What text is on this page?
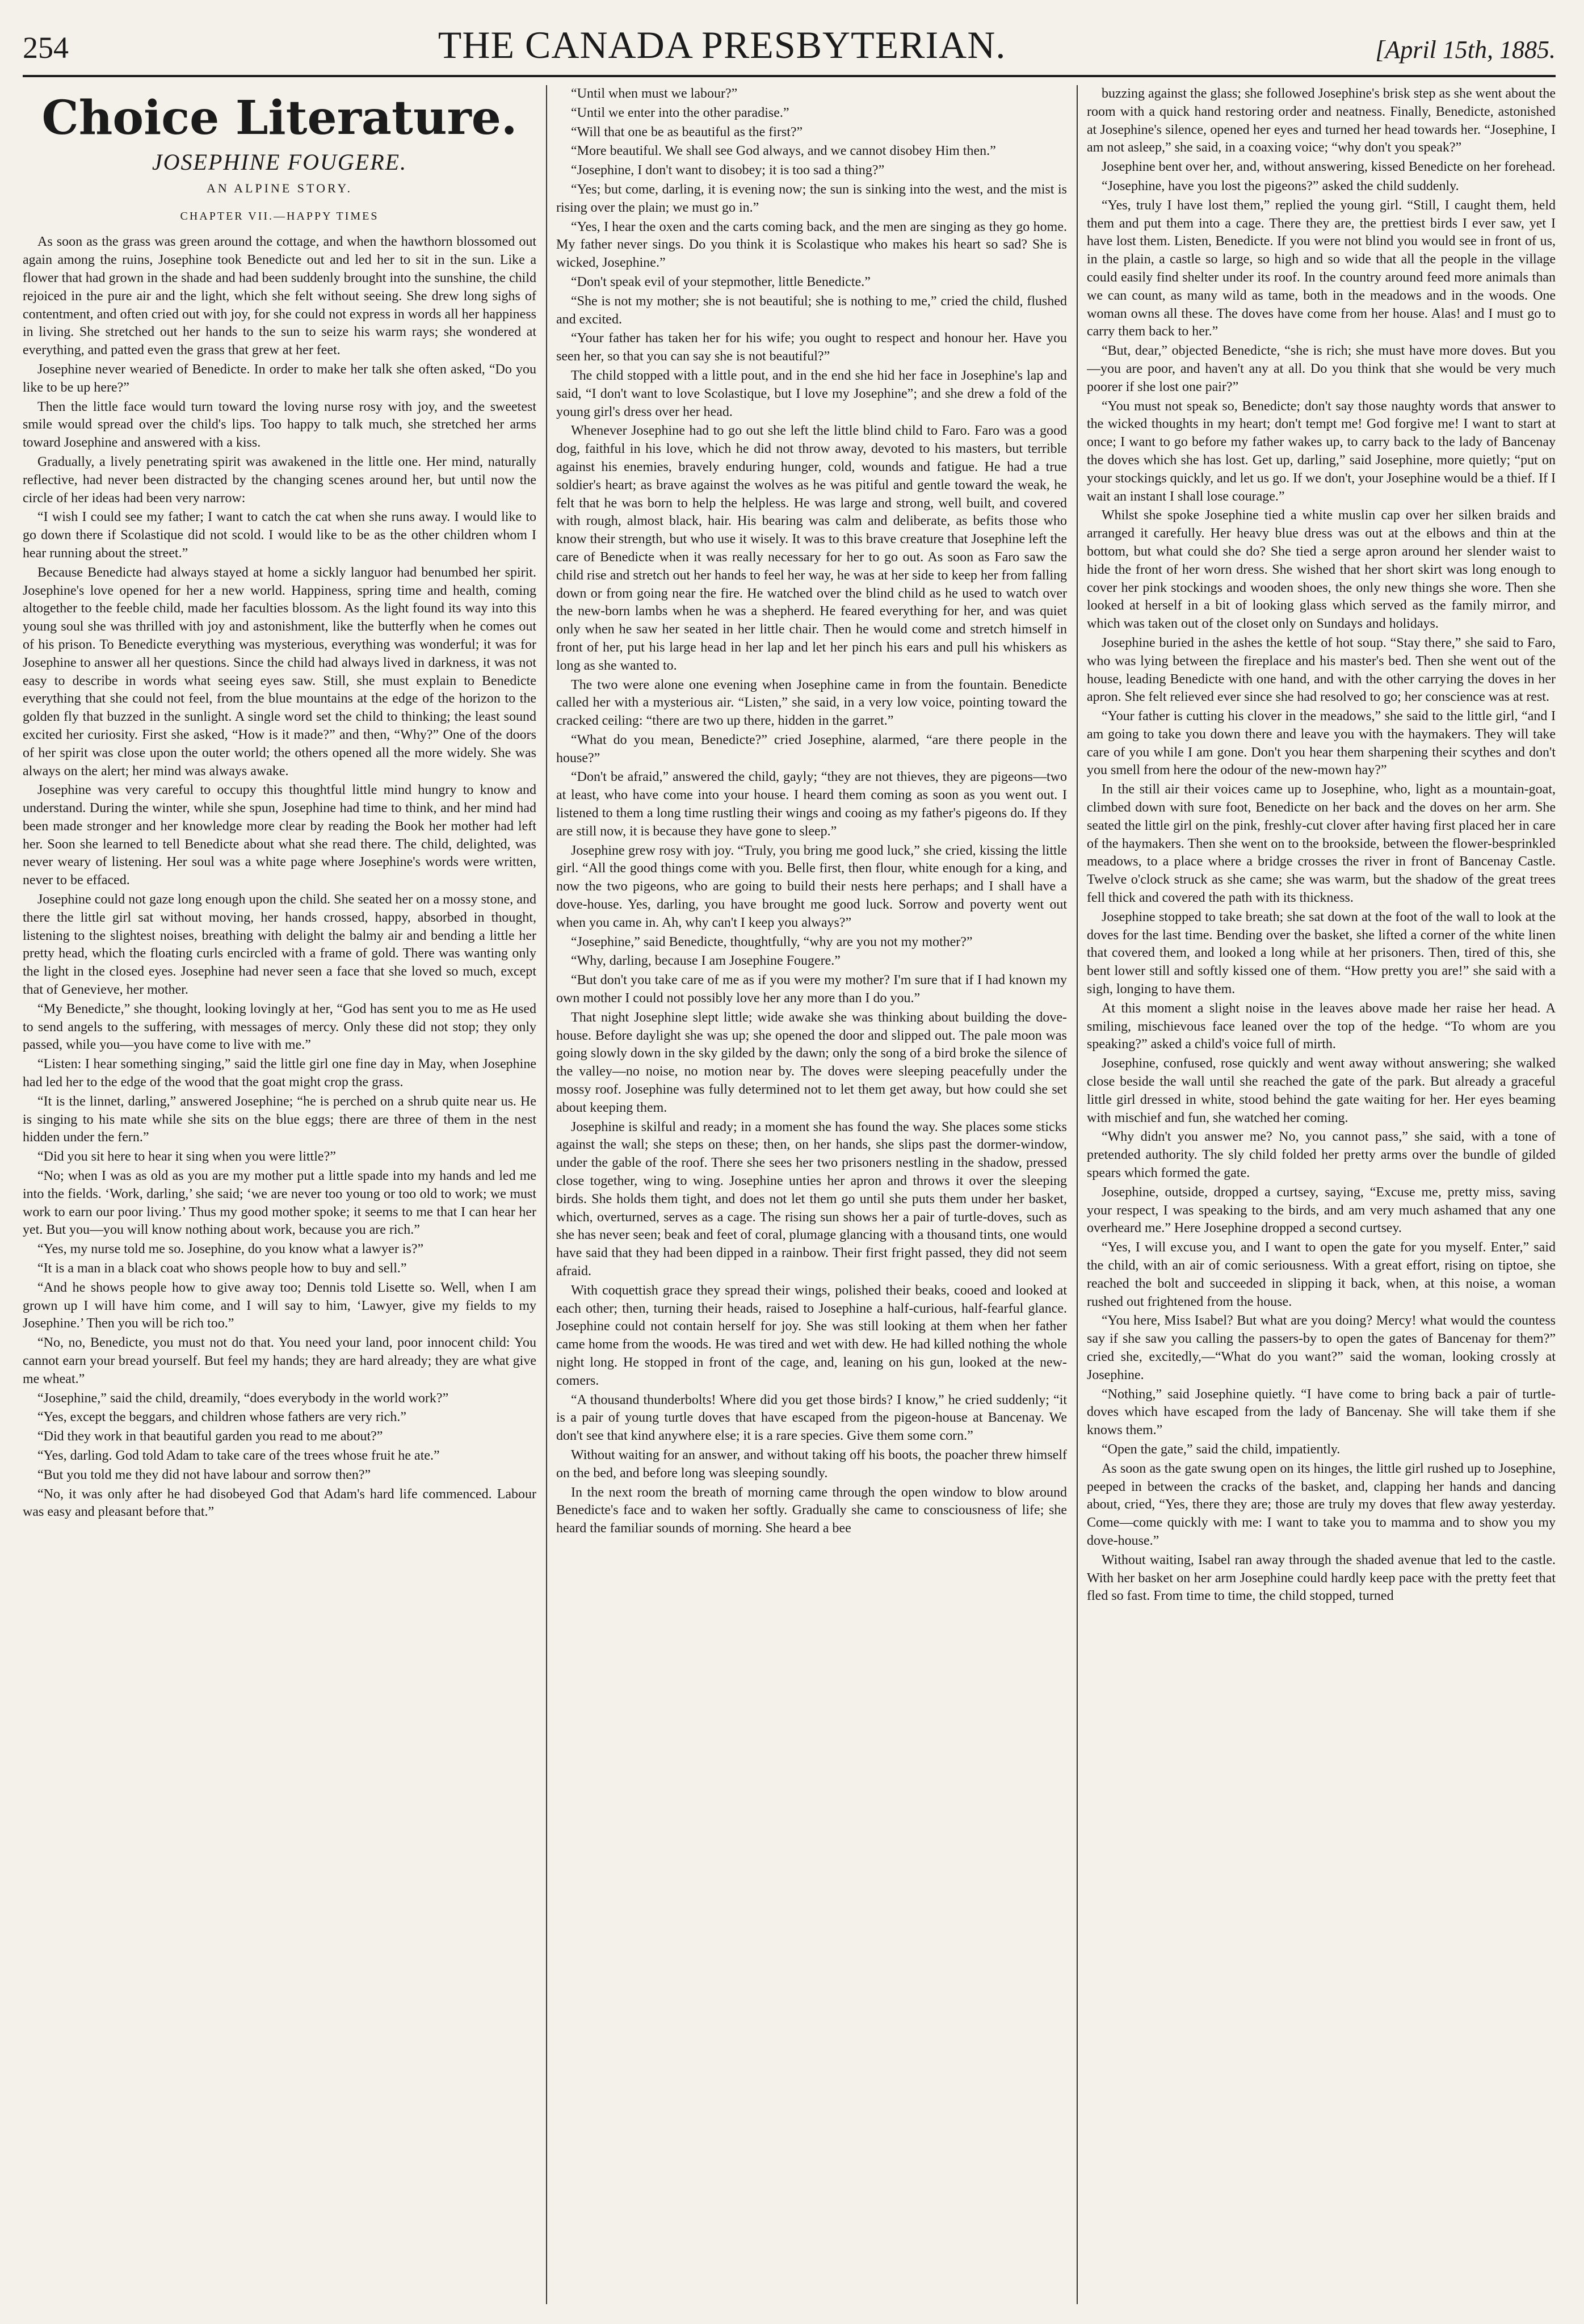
254	THE CANADA PRESBYTERIAN.	[April 15th, 1885.
Choice Literature.
JOSEPHINE FOUGERE.
AN ALPINE STORY.
CHAPTER VII.—HAPPY TIMES

As soon as the grass was green around the cottage, and when the hawthorn blossomed out again among the ruins, Josephine took Benedicte out and led her to sit in the sun. Like a flower that had grown in the shade and had been suddenly brought into the sunshine, the child rejoiced in the pure air and the light, which she felt without seeing. She drew long sighs of contentment, and often cried out with joy, for she could not express in words all her happiness in living. She stretched out her hands to the sun to seize his warm rays; she wondered at everything, and patted even the grass that grew at her feet.

Josephine never wearied of Benedicte. In order to make her talk she often asked, “Do you like to be up here?”

Then the little face would turn toward the loving nurse rosy with joy, and the sweetest smile would spread over the child's lips. Too happy to talk much, she stretched her arms toward Josephine and answered with a kiss.

Gradually, a lively penetrating spirit was awakened in the little one. Her mind, naturally reflective, had never been distracted by the changing scenes around her, but until now the circle of her ideas had been very narrow:

“I wish I could see my father; I want to catch the cat when she runs away. I would like to go down there if Scolastique did not scold. I would like to be as the other children whom I hear running about the street.”

Because Benedicte had always stayed at home a sickly languor had benumbed her spirit. Josephine's love opened for her a new world. Happiness, spring time and health, coming altogether to the feeble child, made her faculties blossom. As the light found its way into this young soul she was thrilled with joy and astonishment, like the butterfly when he comes out of his prison. To Benedicte everything was mysterious, everything was wonderful; it was for Josephine to answer all her questions. Since the child had always lived in darkness, it was not easy to describe in words what seeing eyes saw. Still, she must explain to Benedicte everything that she could not feel, from the blue mountains at the edge of the horizon to the golden fly that buzzed in the sunlight. A single word set the child to thinking; the least sound excited her curiosity. First she asked, “How is it made?” and then, “Why?” One of the doors of her spirit was close upon the outer world; the others opened all the more widely. She was always on the alert; her mind was always awake.

Josephine was very careful to occupy this thoughtful little mind hungry to know and understand. During the winter, while she spun, Josephine had time to think, and her mind had been made stronger and her knowledge more clear by reading the Book her mother had left her. Soon she learned to tell Benedicte about what she read there. The child, delighted, was never weary of listening. Her soul was a white page where Josephine's words were written, never to be effaced.

Josephine could not gaze long enough upon the child. She seated her on a mossy stone, and there the little girl sat without moving, her hands crossed, happy, absorbed in thought, listening to the slightest noises, breathing with delight the balmy air and bending a little her pretty head, which the floating curls encircled with a frame of gold. There was wanting only the light in the closed eyes. Josephine had never seen a face that she loved so much, except that of Genevieve, her mother.

“My Benedicte,” she thought, looking lovingly at her, “God has sent you to me as He used to send angels to the suffering, with messages of mercy. Only these did not stop; they only passed, while you—you have come to live with me.”

“Listen: I hear something singing,” said the little girl one fine day in May, when Josephine had led her to the edge of the wood that the goat might crop the grass.

“It is the linnet, darling,” answered Josephine; “he is perched on a shrub quite near us. He is singing to his mate while she sits on the blue eggs; there are three of them in the nest hidden under the fern.”

“Did you sit here to hear it sing when you were little?”

“No; when I was as old as you are my mother put a little spade into my hands and led me into the fields. ‘Work, darling,’ she said; ‘we are never too young or too old to work; we must work to earn our poor living.’ Thus my good mother spoke; it seems to me that I can hear her yet. But you—you will know nothing about work, because you are rich.”

“Yes, my nurse told me so. Josephine, do you know what a lawyer is?”

“It is a man in a black coat who shows people how to buy and sell.”

“And he shows people how to give away too; Dennis told Lisette so. Well, when I am grown up I will have him come, and I will say to him, ‘Lawyer, give my fields to my Josephine.’ Then you will be rich too.”

“No, no, Benedicte, you must not do that. You need your land, poor innocent child: You cannot earn your bread yourself. But feel my hands; they are hard already; they are what give me wheat.”

“Josephine,” said the child, dreamily, “does everybody in the world work?”

“Yes, except the beggars, and children whose fathers are very rich.”

“Did they work in that beautiful garden you read to me about?”

“Yes, darling. God told Adam to take care of the trees whose fruit he ate.”

“But you told me they did not have labour and sorrow then?”

“No, it was only after he had disobeyed God that Adam's hard life commenced. Labour was easy and pleasant before that.”

“Until when must we labour?”

“Until we enter into the other paradise.”

“Will that one be as beautiful as the first?”

“More beautiful. We shall see God always, and we cannot disobey Him then.”

“Josephine, I don't want to disobey; it is too sad a thing?”

“Yes; but come, darling, it is evening now; the sun is sinking into the west, and the mist is rising over the plain; we must go in.”

“Yes, I hear the oxen and the carts coming back, and the men are singing as they go home. My father never sings. Do you think it is Scolastique who makes his heart so sad? She is wicked, Josephine.”

“Don't speak evil of your stepmother, little Benedicte.”

“She is not my mother; she is not beautiful; she is nothing to me,” cried the child, flushed and excited.

“Your father has taken her for his wife; you ought to respect and honour her. Have you seen her, so that you can say she is not beautiful?”

The child stopped with a little pout, and in the end she hid her face in Josephine's lap and said, “I don't want to love Scolastique, but I love my Josephine”; and she drew a fold of the young girl's dress over her head.

Whenever Josephine had to go out she left the little blind child to Faro. Faro was a good dog, faithful in his love, which he did not throw away, devoted to his masters, but terrible against his enemies, bravely enduring hunger, cold, wounds and fatigue. He had a true soldier's heart; as brave against the wolves as he was pitiful and gentle toward the weak, he felt that he was born to help the helpless. He was large and strong, well built, and covered with rough, almost black, hair. His bearing was calm and deliberate, as befits those who know their strength, but who use it wisely. It was to this brave creature that Josephine left the care of Benedicte when it was really necessary for her to go out. As soon as Faro saw the child rise and stretch out her hands to feel her way, he was at her side to keep her from falling down or from going near the fire. He watched over the blind child as he used to watch over the new-born lambs when he was a shepherd. He feared everything for her, and was quiet only when he saw her seated in her little chair. Then he would come and stretch himself in front of her, put his large head in her lap and let her pinch his ears and pull his whiskers as long as she wanted to.

The two were alone one evening when Josephine came in from the fountain. Benedicte called her with a mysterious air. “Listen,” she said, in a very low voice, pointing toward the cracked ceiling: “there are two up there, hidden in the garret.”

“What do you mean, Benedicte?” cried Josephine, alarmed, “are there people in the house?”

“Don't be afraid,” answered the child, gayly; “they are not thieves, they are pigeons—two at least, who have come into your house. I heard them coming as soon as you went out. I listened to them a long time rustling their wings and cooing as my father's pigeons do. If they are still now, it is because they have gone to sleep.”

Josephine grew rosy with joy. “Truly, you bring me good luck,” she cried, kissing the little girl. “All the good things come with you. Belle first, then flour, white enough for a king, and now the two pigeons, who are going to build their nests here perhaps; and I shall have a dove-house. Yes, darling, you have brought me good luck. Sorrow and poverty went out when you came in. Ah, why can't I keep you always?”

“Josephine,” said Benedicte, thoughtfully, “why are you not my mother?”

“Why, darling, because I am Josephine Fougere.”

“But don't you take care of me as if you were my mother? I'm sure that if I had known my own mother I could not possibly love her any more than I do you.”

That night Josephine slept little; wide awake she was thinking about building the dove-house. Before daylight she was up; she opened the door and slipped out. The pale moon was going slowly down in the sky gilded by the dawn; only the song of a bird broke the silence of the valley—no noise, no motion near by. The doves were sleeping peacefully under the mossy roof. Josephine was fully determined not to let them get away, but how could she set about keeping them.

Josephine is skilful and ready; in a moment she has found the way. She places some sticks against the wall; she steps on these; then, on her hands, she slips past the dormer-window, under the gable of the roof. There she sees her two prisoners nestling in the shadow, pressed close together, wing to wing. Josephine unties her apron and throws it over the sleeping birds. She holds them tight, and does not let them go until she puts them under her basket, which, overturned, serves as a cage. The rising sun shows her a pair of turtle-doves, such as she has never seen; beak and feet of coral, plumage glancing with a thousand tints, one would have said that they had been dipped in a rainbow. Their first fright passed, they did not seem afraid.

With coquettish grace they spread their wings, polished their beaks, cooed and looked at each other; then, turning their heads, raised to Josephine a half-curious, half-fearful glance. Josephine could not contain herself for joy. She was still looking at them when her father came home from the woods. He was tired and wet with dew. He had killed nothing the whole night long. He stopped in front of the cage, and, leaning on his gun, looked at the new-comers.

“A thousand thunderbolts! Where did you get those birds? I know,” he cried suddenly; “it is a pair of young turtle doves that have escaped from the pigeon-house at Bancenay. We don't see that kind anywhere else; it is a rare species. Give them some corn.”

Without waiting for an answer, and without taking off his boots, the poacher threw himself on the bed, and before long was sleeping soundly.

In the next room the breath of morning came through the open window to blow around Benedicte's face and to waken her softly. Gradually she came to consciousness of life; she heard the familiar sounds of morning. She heard a bee

buzzing against the glass; she followed Josephine's brisk step as she went about the room with a quick hand restoring order and neatness. Finally, Benedicte, astonished at Josephine's silence, opened her eyes and turned her head towards her. “Josephine, I am not asleep,” she said, in a coaxing voice; “why don't you speak?”

Josephine bent over her, and, without answering, kissed Benedicte on her forehead.

“Josephine, have you lost the pigeons?” asked the child suddenly.

“Yes, truly I have lost them,” replied the young girl. “Still, I caught them, held them and put them into a cage. There they are, the prettiest birds I ever saw, yet I have lost them. Listen, Benedicte. If you were not blind you would see in front of us, in the plain, a castle so large, so high and so wide that all the people in the village could easily find shelter under its roof. In the country around feed more animals than we can count, as many wild as tame, both in the meadows and in the woods. One woman owns all these. The doves have come from her house. Alas! and I must go to carry them back to her.”

“But, dear,” objected Benedicte, “she is rich; she must have more doves. But you—you are poor, and haven't any at all. Do you think that she would be very much poorer if she lost one pair?”

“You must not speak so, Benedicte; don't say those naughty words that answer to the wicked thoughts in my heart; don't tempt me! God forgive me! I want to start at once; I want to go before my father wakes up, to carry back to the lady of Bancenay the doves which she has lost. Get up, darling,” said Josephine, more quietly; “put on your stockings quickly, and let us go. If we don't, your Josephine would be a thief. If I wait an instant I shall lose courage.”

Whilst she spoke Josephine tied a white muslin cap over her silken braids and arranged it carefully. Her heavy blue dress was out at the elbows and thin at the bottom, but what could she do? She tied a serge apron around her slender waist to hide the front of her worn dress. She wished that her short skirt was long enough to cover her pink stockings and wooden shoes, the only new things she wore. Then she looked at herself in a bit of looking glass which served as the family mirror, and which was taken out of the closet only on Sundays and holidays.

Josephine buried in the ashes the kettle of hot soup. “Stay there,” she said to Faro, who was lying between the fireplace and his master's bed. Then she went out of the house, leading Benedicte with one hand, and with the other carrying the doves in her apron. She felt relieved ever since she had resolved to go; her conscience was at rest.

“Your father is cutting his clover in the meadows,” she said to the little girl, “and I am going to take you down there and leave you with the haymakers. They will take care of you while I am gone. Don't you hear them sharpening their scythes and don't you smell from here the odour of the new-mown hay?”

In the still air their voices came up to Josephine, who, light as a mountain-goat, climbed down with sure foot, Benedicte on her back and the doves on her arm. She seated the little girl on the pink, freshly-cut clover after having first placed her in care of the haymakers. Then she went on to the brookside, between the flower-besprinkled meadows, to a place where a bridge crosses the river in front of Bancenay Castle. Twelve o'clock struck as she came; she was warm, but the shadow of the great trees fell thick and covered the path with its thickness.

Josephine stopped to take breath; she sat down at the foot of the wall to look at the doves for the last time. Bending over the basket, she lifted a corner of the white linen that covered them, and looked a long while at her prisoners. Then, tired of this, she bent lower still and softly kissed one of them. “How pretty you are!” she said with a sigh, longing to have them.

At this moment a slight noise in the leaves above made her raise her head. A smiling, mischievous face leaned over the top of the hedge. “To whom are you speaking?” asked a child's voice full of mirth.

Josephine, confused, rose quickly and went away without answering; she walked close beside the wall until she reached the gate of the park. But already a graceful little girl dressed in white, stood behind the gate waiting for her. Her eyes beaming with mischief and fun, she watched her coming.

“Why didn't you answer me? No, you cannot pass,” she said, with a tone of pretended authority. The sly child folded her pretty arms over the bundle of gilded spears which formed the gate.

Josephine, outside, dropped a curtsey, saying, “Excuse me, pretty miss, saving your respect, I was speaking to the birds, and am very much ashamed that any one overheard me.” Here Josephine dropped a second curtsey.

“Yes, I will excuse you, and I want to open the gate for you myself. Enter,” said the child, with an air of comic seriousness. With a great effort, rising on tiptoe, she reached the bolt and succeeded in slipping it back, when, at this noise, a woman rushed out frightened from the house.

“You here, Miss Isabel? But what are you doing? Mercy! what would the countess say if she saw you calling the passers-by to open the gates of Bancenay for them?” cried she, excitedly,—“What do you want?” said the woman, looking crossly at Josephine.

“Nothing,” said Josephine quietly. “I have come to bring back a pair of turtle-doves which have escaped from the lady of Bancenay. She will take them if she knows them.”

“Open the gate,” said the child, impatiently.

As soon as the gate swung open on its hinges, the little girl rushed up to Josephine, peeped in between the cracks of the basket, and, clapping her hands and dancing about, cried, “Yes, there they are; those are truly my doves that flew away yesterday. Come—come quickly with me: I want to take you to mamma and to show you my dove-house.”

Without waiting, Isabel ran away through the shaded avenue that led to the castle. With her basket on her arm Josephine could hardly keep pace with the pretty feet that fled so fast. From time to time, the child stopped, turned
